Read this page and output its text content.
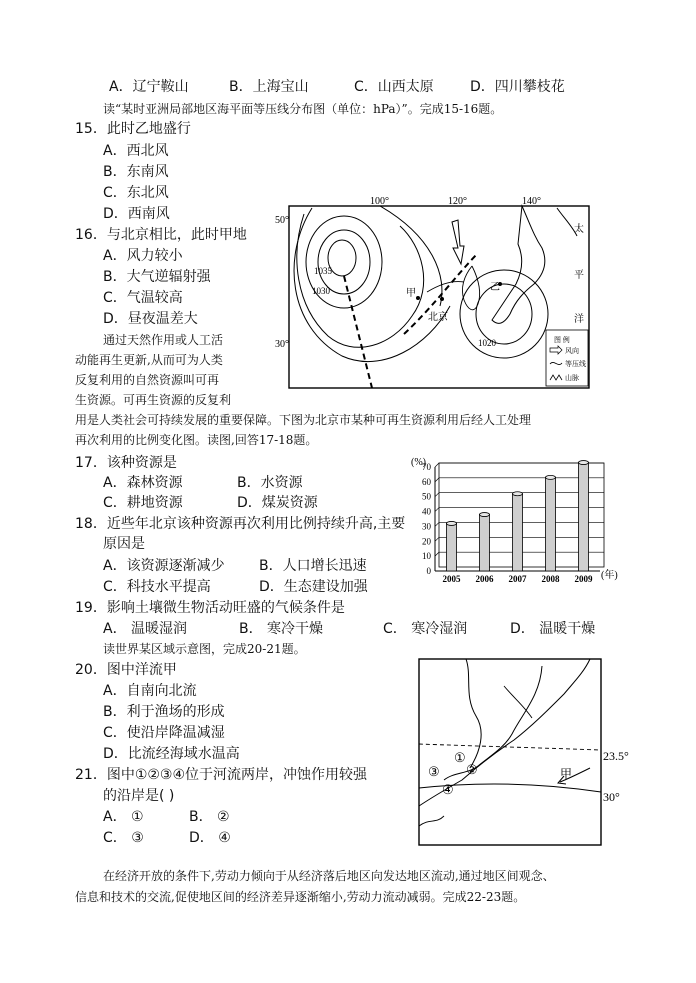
A．辽宁鞍山	B．上海宝山	C．山西太原	D．四川攀枝花
读“某时亚洲局部地区海平面等压线分布图（单位：hPa）”。完成15-16题。
15．此时乙地盛行
A．西北风
B．东南风
C．东北风
D．西南风
16．与北京相比，此时甲地
A．风力较小
B．大气逆辐射强
C．气温较高
D．昼夜温差大
100°	120°	140°
50°
30°
1035
1030
1020
甲
乙
北京
太
平
洋
图 例
风向
等压线
山脉
通过天然作用或人工活
动能再生更新,从而可为人类
反复利用的自然资源叫可再
生资源。可再生资源的反复利
用是人类社会可持续发展的重要保障。下图为北京市某种可再生资源利用后经人工处理
再次利用的比例变化图。读图,回答17-18题。
17．该种资源是
A．森林资源	B．水资源
C．耕地资源	D．煤炭资源
18．近些年北京该种资源再次利用比例持续升高,主要
原因是
A．该资源逐渐减少 B．人口增长迅速
C．科技水平提高	D．生态建设加强
0
10
20
30
40
50
60
70
2005 2006 2007 2008 2009
(%)
(年)
19．影响土壤微生物活动旺盛的气候条件是
A． 温暖湿润	B． 寒冷干燥	C． 寒冷湿润	D． 温暖干燥
读世界某区域示意图，完成20-21题。
20．图中洋流甲
A．自南向北流
B．利于渔场的形成
C．使沿岸降温减湿
D．比流经海域水温高
21．图中①②③④位于河流两岸，冲蚀作用较强
的沿岸是( )
A． ①	B． ②
C． ③	D． ④
23.5°
30°
甲
①
②
③
④
在经济开放的条件下,劳动力倾向于从经济落后地区向发达地区流动,通过地区间观念、
信息和技术的交流,促使地区间的经济差异逐渐缩小,劳动力流动减弱。完成22-23题。
